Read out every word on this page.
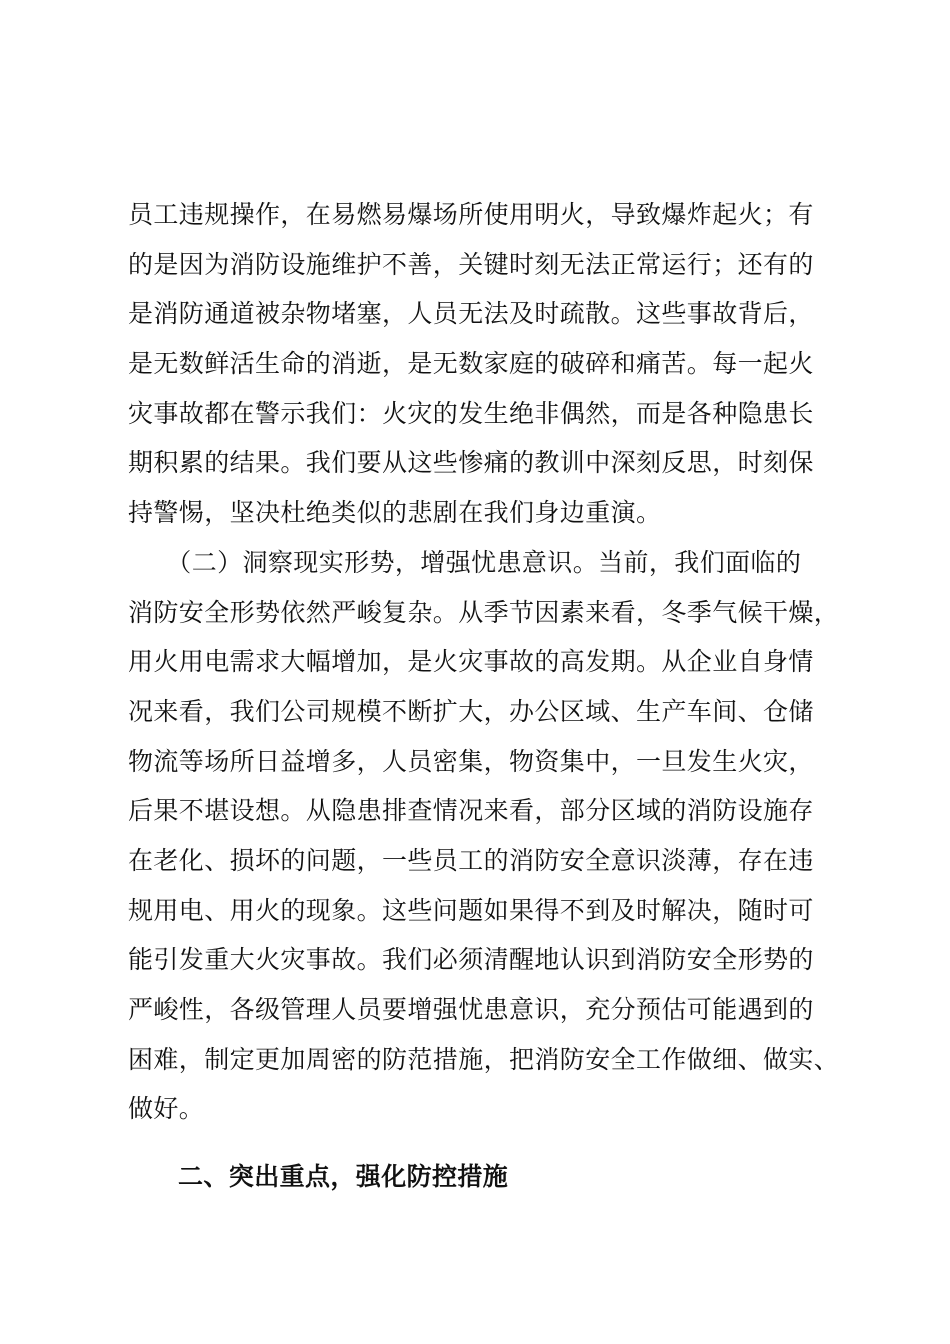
员工违规操作，在易燃易爆场所使用明火，导致爆炸起火；有
的是因为消防设施维护不善，关键时刻无法正常运行；还有的
是消防通道被杂物堵塞，人员无法及时疏散。这些事故背后，
是无数鲜活生命的消逝，是无数家庭的破碎和痛苦。每一起火
灾事故都在警示我们：火灾的发生绝非偶然，而是各种隐患长
期积累的结果。我们要从这些惨痛的教训中深刻反思，时刻保
持警惕，坚决杜绝类似的悲剧在我们身边重演。
　　（二）洞察现实形势，增强忧患意识。当前，我们面临的
消防安全形势依然严峻复杂。从季节因素来看，冬季气候干燥，
用火用电需求大幅增加，是火灾事故的高发期。从企业自身情
况来看，我们公司规模不断扩大，办公区域、生产车间、仓储
物流等场所日益增多，人员密集，物资集中，一旦发生火灾，
后果不堪设想。从隐患排查情况来看，部分区域的消防设施存
在老化、损坏的问题，一些员工的消防安全意识淡薄，存在违
规用电、用火的现象。这些问题如果得不到及时解决，随时可
能引发重大火灾事故。我们必须清醒地认识到消防安全形势的
严峻性，各级管理人员要增强忧患意识，充分预估可能遇到的
困难，制定更加周密的防范措施，把消防安全工作做细、做实、
做好。
二、突出重点，强化防控措施
